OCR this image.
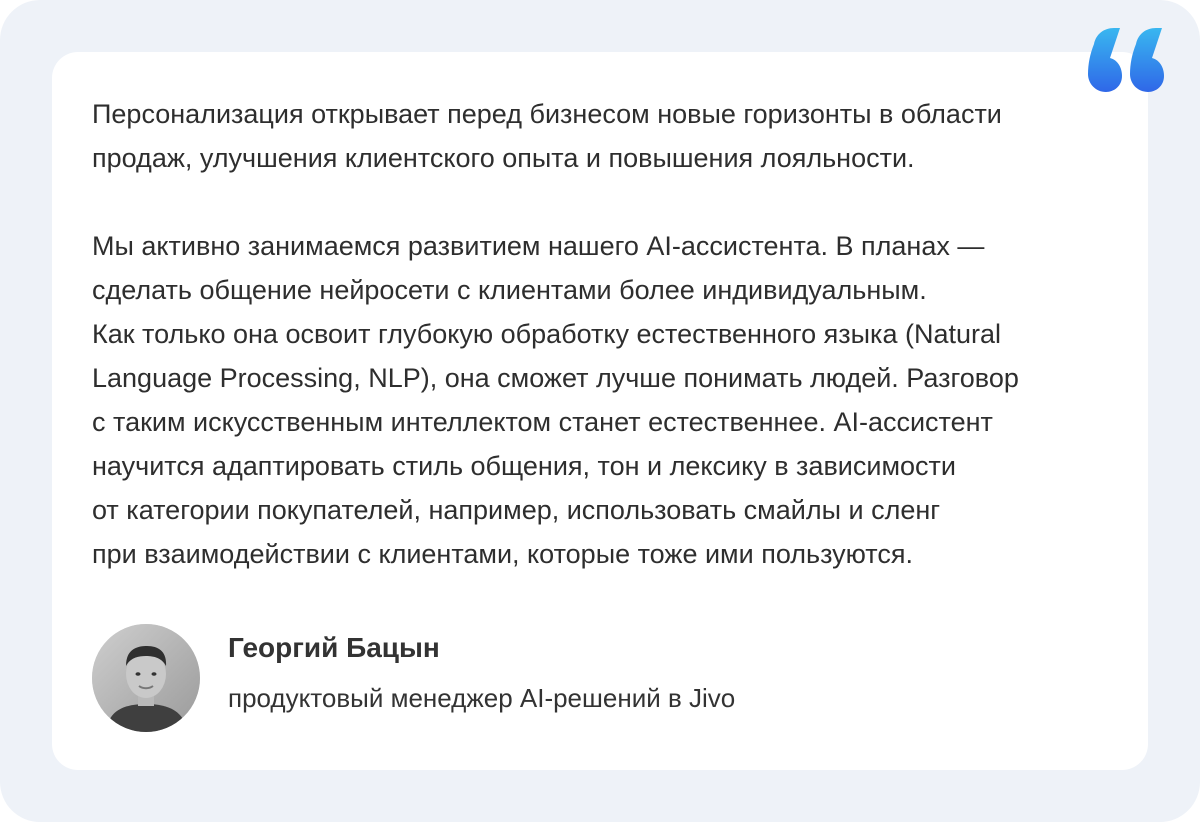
Персонализация открывает перед бизнесом новые горизонты в области
продаж, улучшения клиентского опыта и повышения лояльности.

Мы активно занимаемся развитием нашего AI-ассистента. В планах —
сделать общение нейросети с клиентами более индивидуальным.
Как только она освоит глубокую обработку естественного языка (Natural
Language Processing, NLP), она сможет лучше понимать людей. Разговор
с таким искусственным интеллектом станет естественнее. AI-ассистент
научится адаптировать стиль общения, тон и лексику в зависимости
от категории покупателей, например, использовать смайлы и сленг
при взаимодействии с клиентами, которые тоже ими пользуются.

Георгий Бацын
продуктовый менеджер AI-решений в Jivo
